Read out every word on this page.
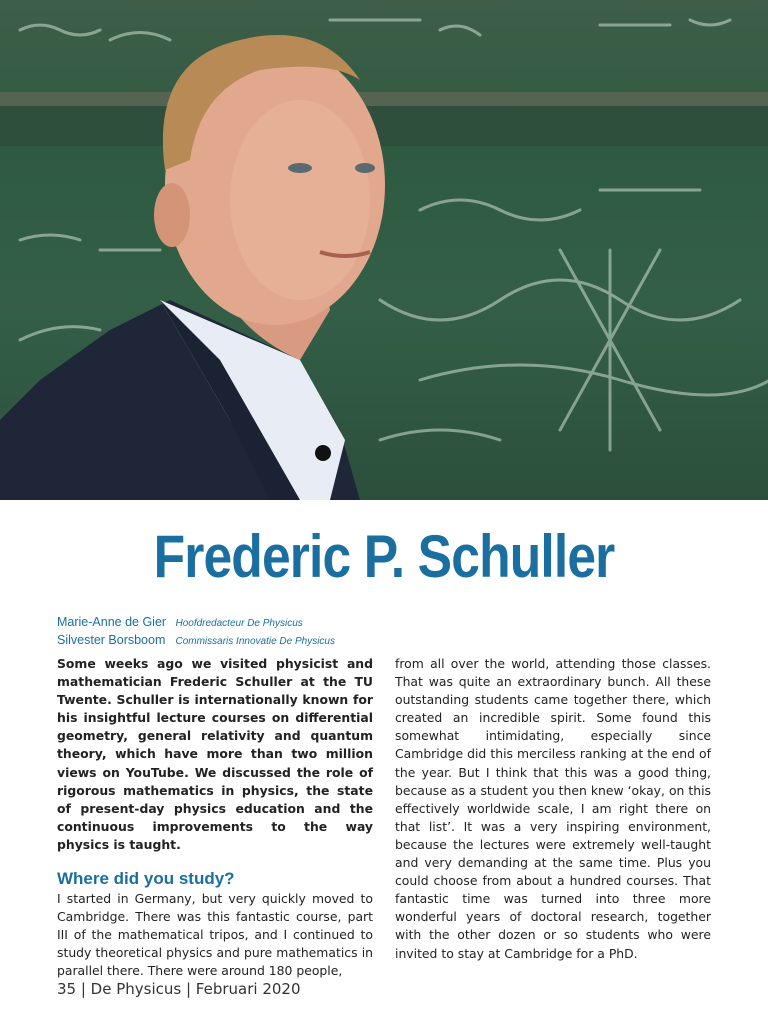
Frederic P. Schuller
Marie-Anne de Gier Hoofdredacteur De Physicus
Silvester Borsboom Commissaris Innovatie De Physicus

Some weeks ago we visited physicist and mathematician Frederic Schuller at the TU Twente. Schuller is internationally known for his insightful lecture courses on differential geometry, general relativity and quantum theory, which have more than two million views on YouTube. We discussed the role of rigorous mathematics in physics, the state of present-day physics education and the continuous improvements to the way physics is taught.

Where did you study?

I started in Germany, but very quickly moved to Cambridge. There was this fantastic course, part III of the mathematical tripos, and I continued to study theoretical physics and pure mathematics in parallel there. There were around 180 people,

from all over the world, attending those classes. That was quite an extraordinary bunch. All these outstanding students came together there, which created an incredible spirit. Some found this somewhat intimidating, especially since Cambridge did this merciless ranking at the end of the year. But I think that this was a good thing, because as a student you then knew ‘okay, on this effectively worldwide scale, I am right there on that list’. It was a very inspiring environment, because the lectures were extremely well-taught and very demanding at the same time. Plus you could choose from about a hundred courses. That fantastic time was turned into three more wonderful years of doctoral research, together with the other dozen or so students who were invited to stay at Cambridge for a PhD.

35 | De Physicus | Februari 2020
